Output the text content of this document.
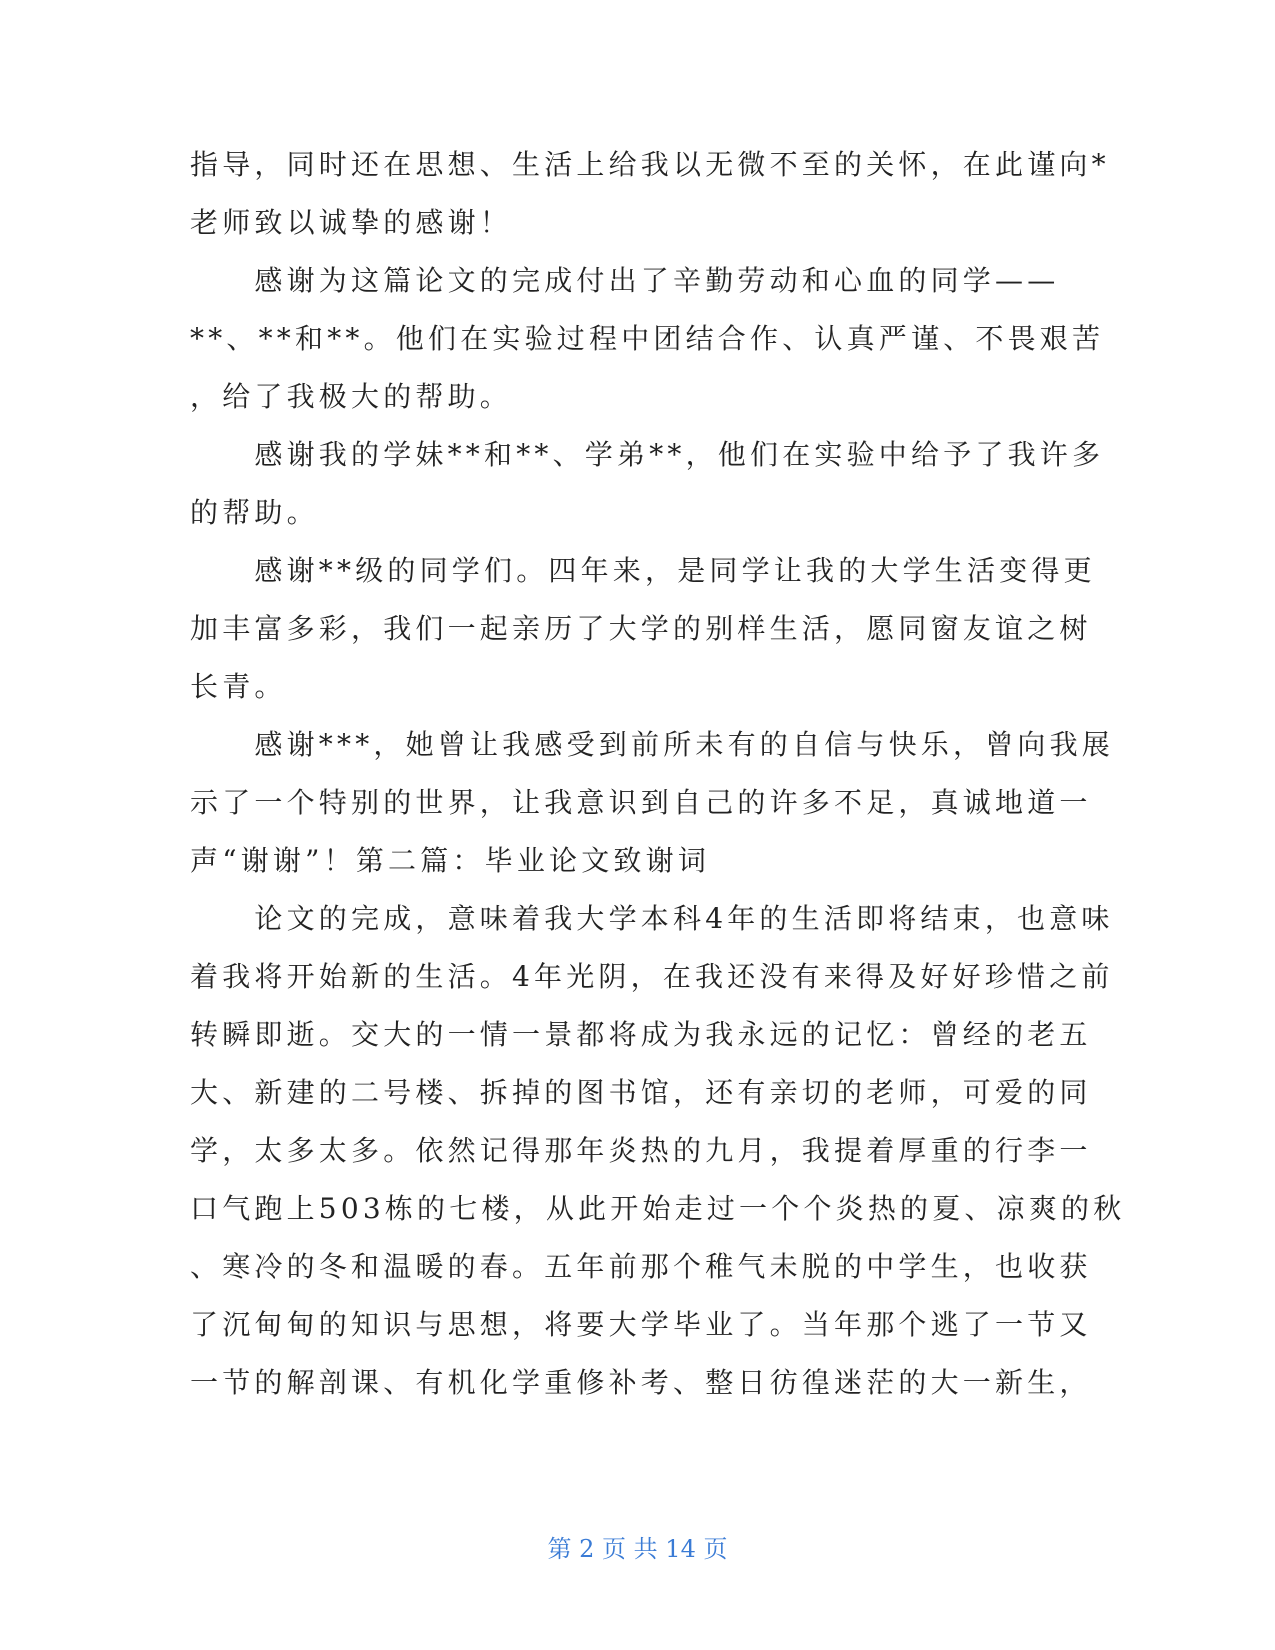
指导，同时还在思想、生活上给我以无微不至的关怀，在此谨向*
老师致以诚挚的感谢！
　　感谢为这篇论文的完成付出了辛勤劳动和心血的同学——
**、**和**。他们在实验过程中团结合作、认真严谨、不畏艰苦
，给了我极大的帮助。
　　感谢我的学妹**和**、学弟**，他们在实验中给予了我许多
的帮助。
　　感谢**级的同学们。四年来，是同学让我的大学生活变得更
加丰富多彩，我们一起亲历了大学的别样生活，愿同窗友谊之树
长青。
　　感谢***，她曾让我感受到前所未有的自信与快乐，曾向我展
示了一个特别的世界，让我意识到自己的许多不足，真诚地道一
声“谢谢”！第二篇：毕业论文致谢词
　　论文的完成，意味着我大学本科4年的生活即将结束，也意味
着我将开始新的生活。4年光阴，在我还没有来得及好好珍惜之前
转瞬即逝。交大的一情一景都将成为我永远的记忆：曾经的老五
大、新建的二号楼、拆掉的图书馆，还有亲切的老师，可爱的同
学，太多太多。依然记得那年炎热的九月，我提着厚重的行李一
口气跑上503栋的七楼，从此开始走过一个个炎热的夏、凉爽的秋
、寒冷的冬和温暖的春。五年前那个稚气未脱的中学生，也收获
了沉甸甸的知识与思想，将要大学毕业了。当年那个逃了一节又
一节的解剖课、有机化学重修补考、整日彷徨迷茫的大一新生，
第 2 页 共 14 页
